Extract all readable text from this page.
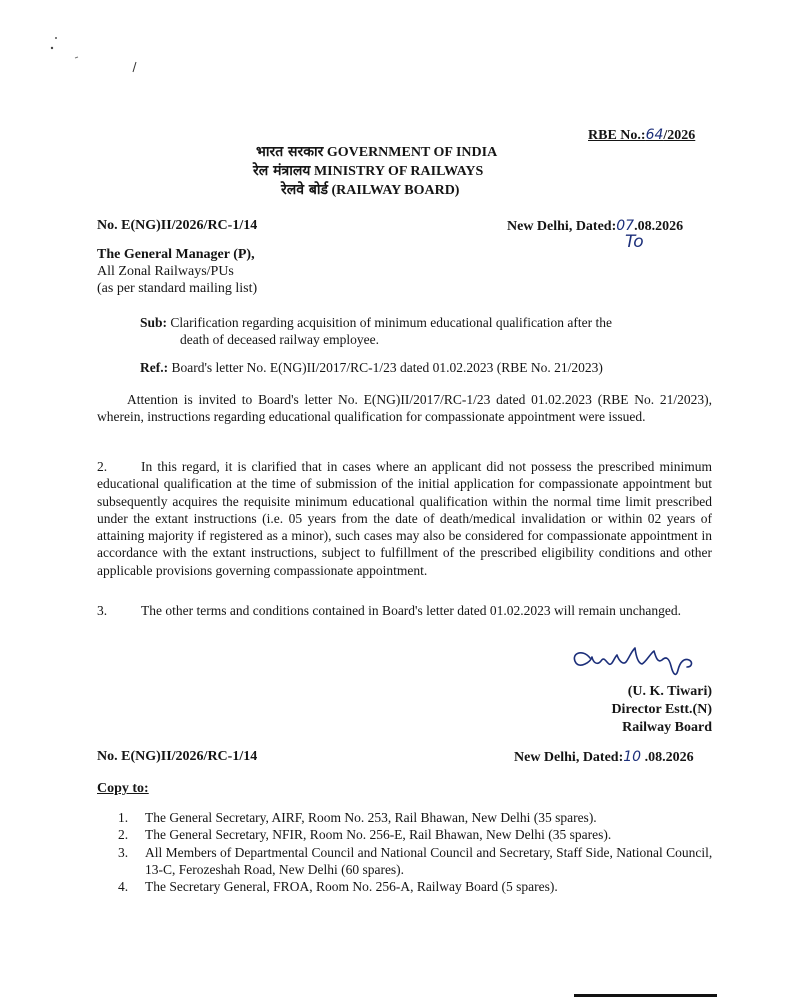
RBE No.:64/2026
भारत सरकार GOVERNMENT OF INDIA
रेल मंत्रालय MINISTRY OF RAILWAYS
रेलवे बोर्ड (RAILWAY BOARD)
No. E(NG)II/2026/RC-1/14	New Delhi, Dated:07.08.2026
To
The General Manager (P),
All Zonal Railways/PUs
(as per standard mailing list)
Sub: Clarification regarding acquisition of minimum educational qualification after the
death of deceased railway employee.
Ref.: Board's letter No. E(NG)II/2017/RC-1/23 dated 01.02.2023 (RBE No. 21/2023)
Attention is invited to Board's letter No. E(NG)II/2017/RC-1/23 dated 01.02.2023 (RBE No. 21/2023), wherein, instructions regarding educational qualification for compassionate appointment were issued.
2.	In this regard, it is clarified that in cases where an applicant did not possess the prescribed minimum educational qualification at the time of submission of the initial application for compassionate appointment but subsequently acquires the requisite minimum educational qualification within the normal time limit prescribed under the extant instructions (i.e. 05 years from the date of death/medical invalidation or within 02 years of attaining majority if registered as a minor), such cases may also be considered for compassionate appointment in accordance with the extant instructions, subject to fulfillment of the prescribed eligibility conditions and other applicable provisions governing compassionate appointment.
3.	The other terms and conditions contained in Board's letter dated 01.02.2023 will remain unchanged.
(U. K. Tiwari)
Director Estt.(N)
Railway Board
No. E(NG)II/2026/RC-1/14	New Delhi, Dated:10 .08.2026
Copy to:
1. The General Secretary, AIRF, Room No. 253, Rail Bhawan, New Delhi (35 spares).
2. The General Secretary, NFIR, Room No. 256-E, Rail Bhawan, New Delhi (35 spares).
3. All Members of Departmental Council and National Council and Secretary, Staff Side, National Council, 13-C, Ferozeshah Road, New Delhi (60 spares).
4. The Secretary General, FROA, Room No. 256-A, Railway Board (5 spares).
